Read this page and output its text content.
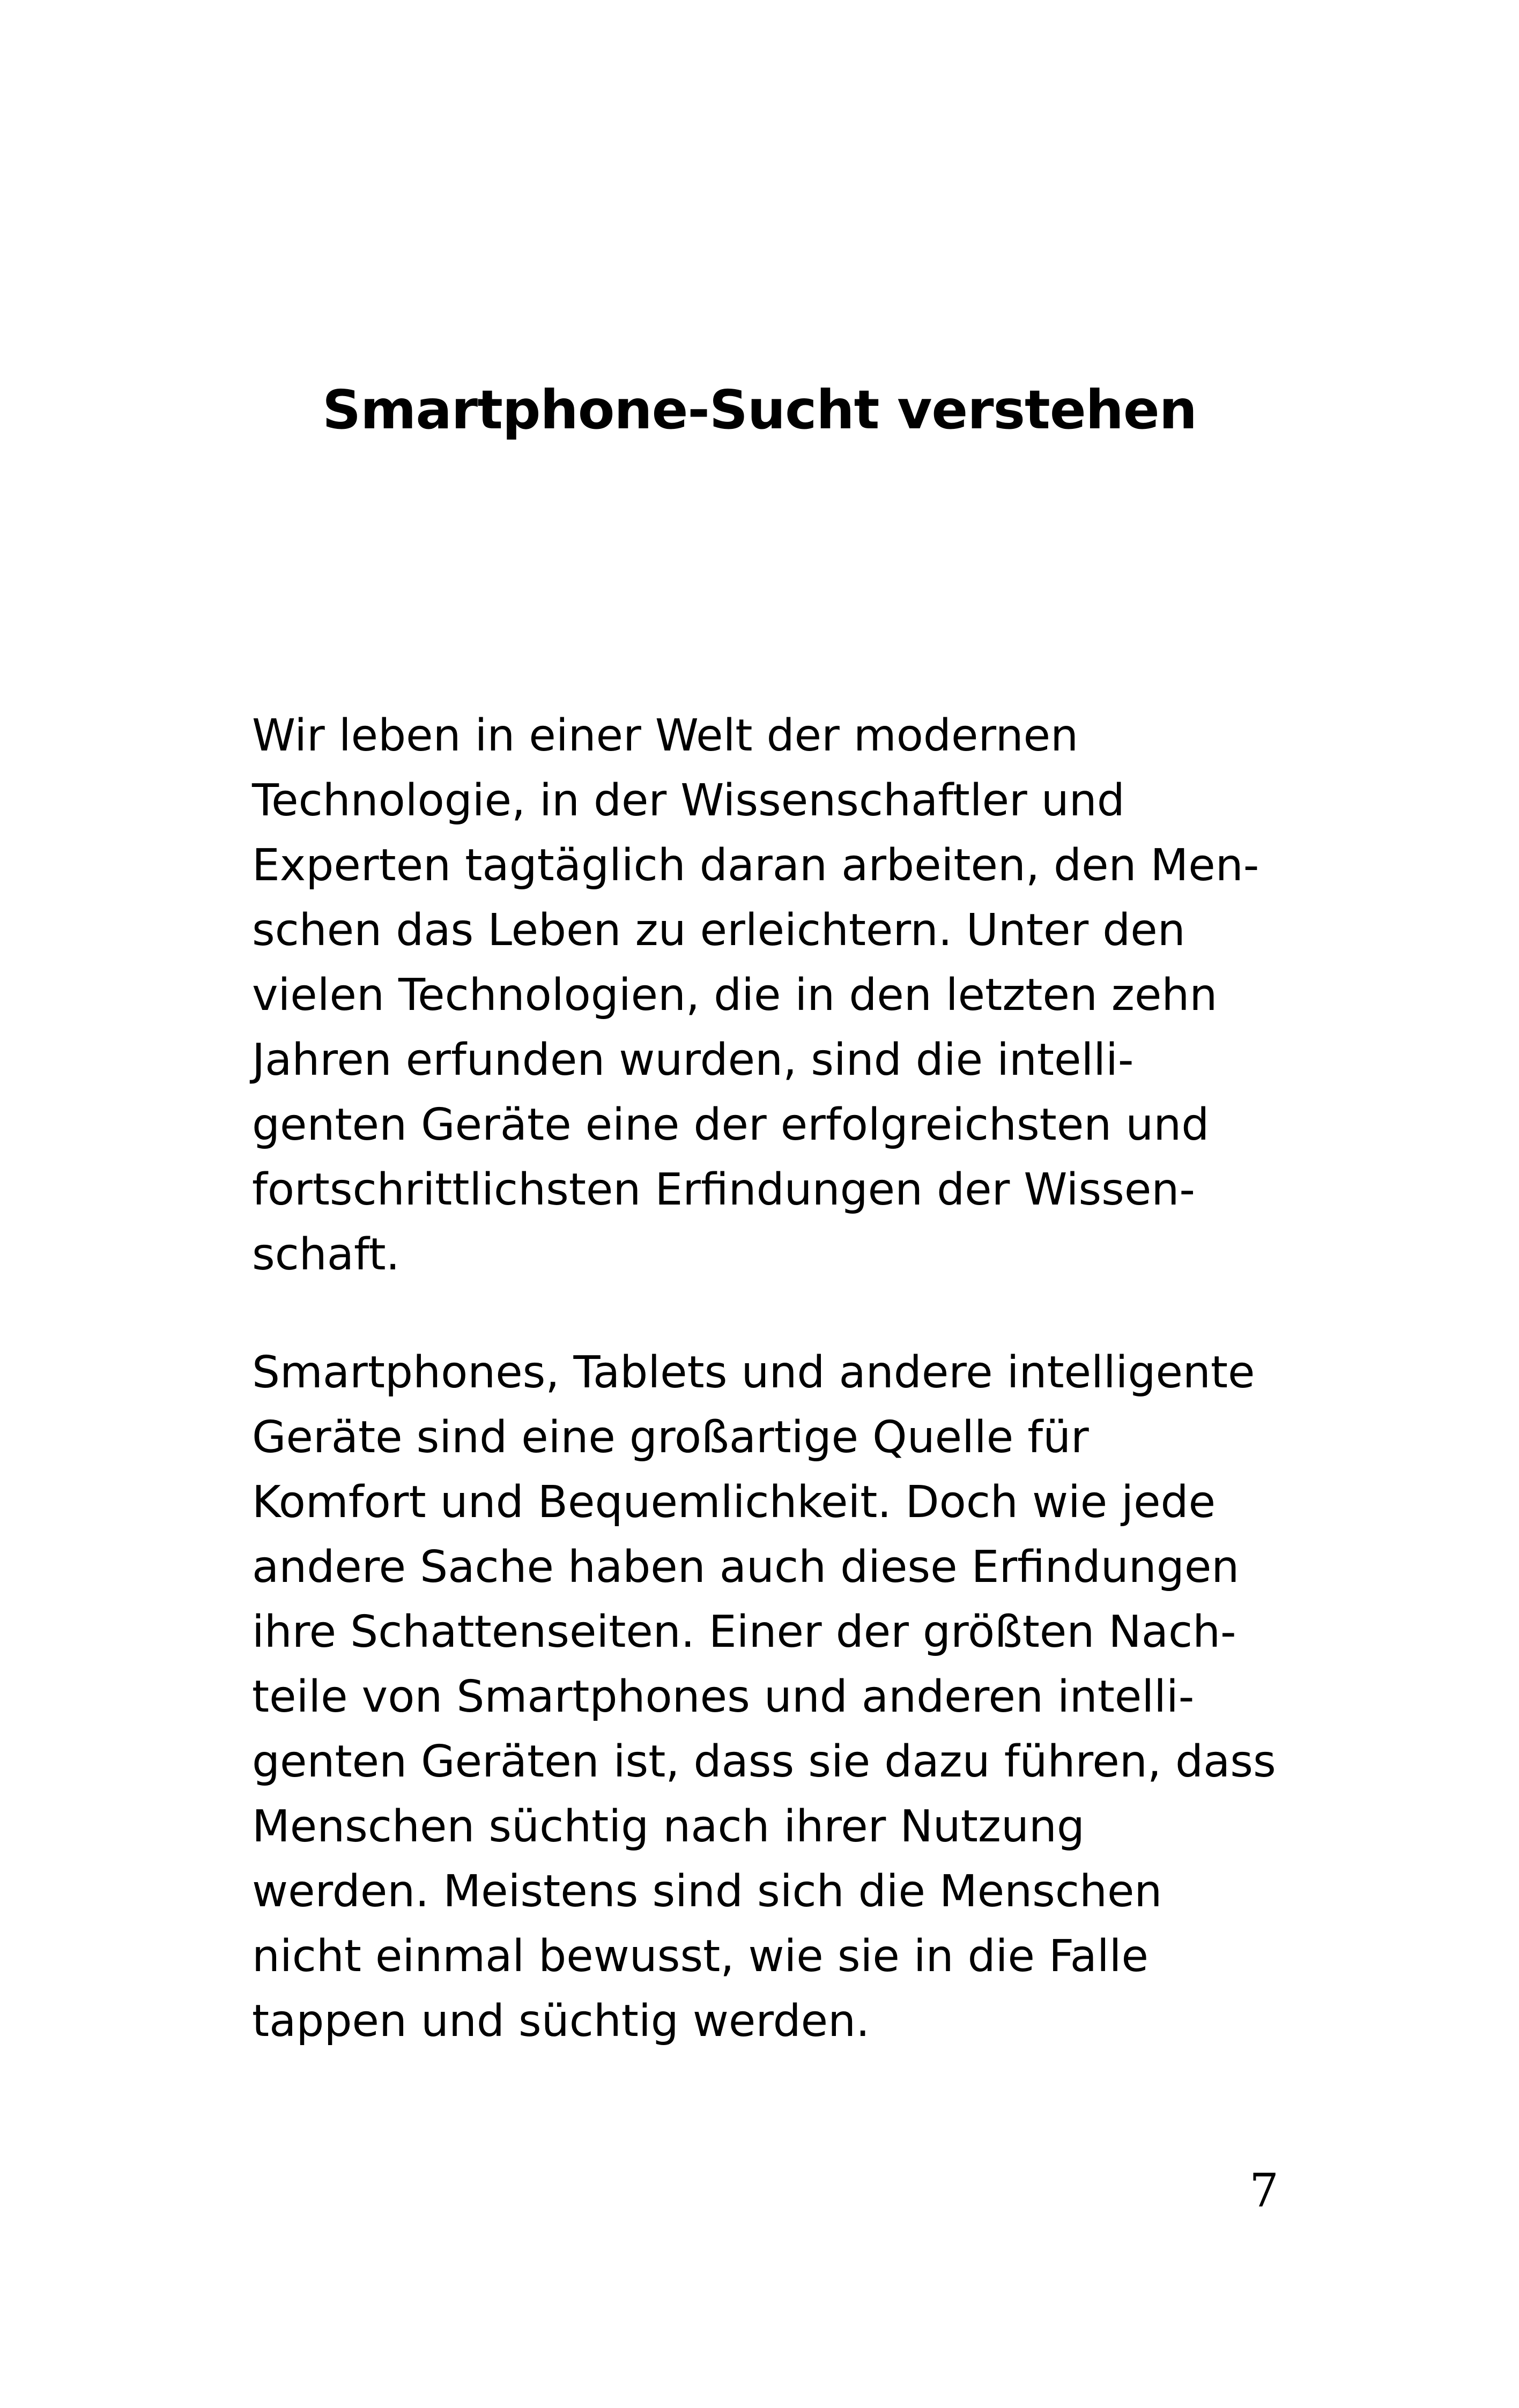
Smartphone-Sucht verstehen

Wir leben in einer Welt der modernen
Technologie, in der Wissenschaftler und
Experten tagtäglich daran arbeiten, den Men-
schen das Leben zu erleichtern. Unter den
vielen Technologien, die in den letzten zehn
Jahren erfunden wurden, sind die intelli-
genten Geräte eine der erfolgreichsten und
fortschrittlichsten Erfindungen der Wissen-
schaft.

Smartphones, Tablets und andere intelligente
Geräte sind eine großartige Quelle für
Komfort und Bequemlichkeit. Doch wie jede
andere Sache haben auch diese Erfindungen
ihre Schattenseiten. Einer der größten Nach-
teile von Smartphones und anderen intelli-
genten Geräten ist, dass sie dazu führen, dass
Menschen süchtig nach ihrer Nutzung
werden. Meistens sind sich die Menschen
nicht einmal bewusst, wie sie in die Falle
tappen und süchtig werden.

7
